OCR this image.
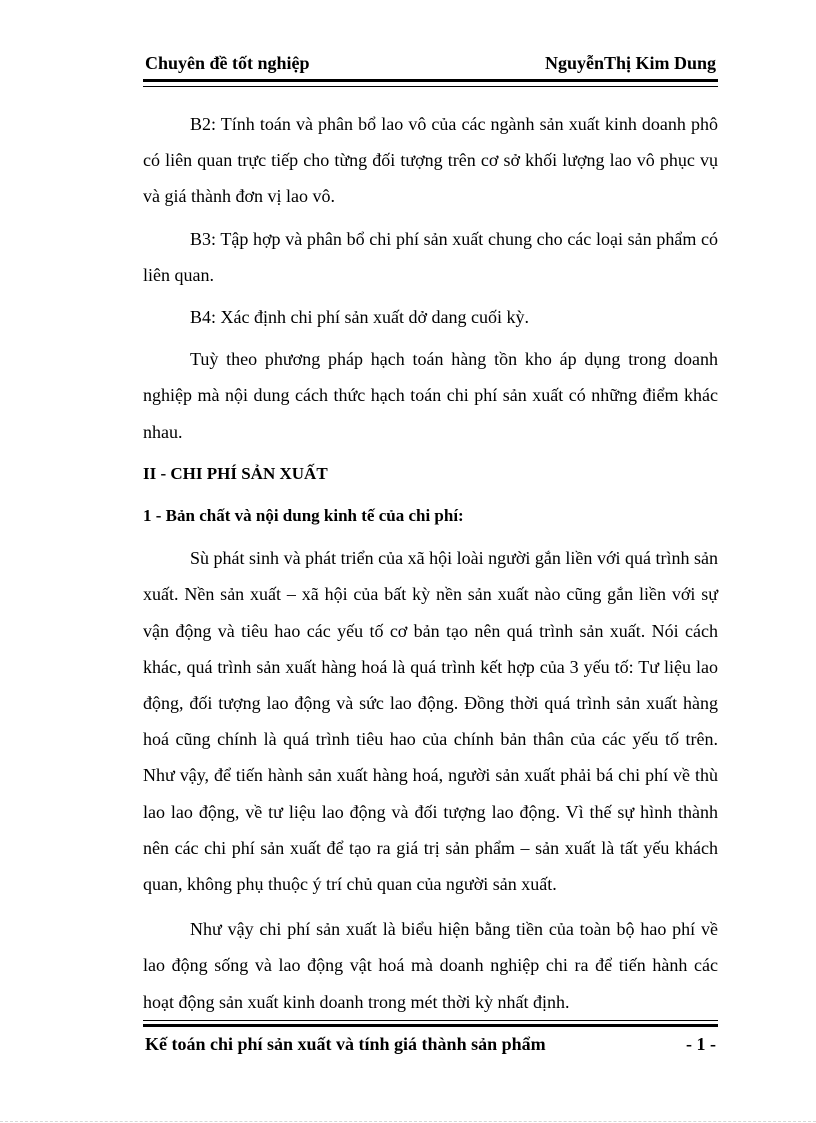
Chuyên đề tốt nghiệp	NguyễnThị Kim Dung

B2: Tính toán và phân bổ lao vô của các ngành sản xuất kinh doanh phô có liên quan trực tiếp cho từng đối tượng trên cơ sở khối lượng lao vô phục vụ và giá thành đơn vị lao vô.

B3: Tập hợp và phân bổ chi phí sản xuất chung cho các loại sản phẩm có liên quan.

B4: Xác định chi phí sản xuất dở dang cuối kỳ.

Tuỳ theo phương pháp hạch toán hàng tồn kho áp dụng trong doanh nghiệp mà nội dung cách thức hạch toán chi phí sản xuất có những điểm khác nhau.

II - CHI PHÍ SẢN XUẤT

1 - Bản chất và nội dung kinh tế của chi phí:

Sù phát sinh và phát triển của xã hội loài người gắn liền với quá trình sản xuất. Nền sản xuất – xã hội của bất kỳ nền sản xuất nào cũng gắn liền với sự vận động và tiêu hao các yếu tố cơ bản tạo nên quá trình sản xuất. Nói cách khác, quá trình sản xuất hàng hoá là quá trình kết hợp của 3 yếu tố: Tư liệu lao động, đối tượng lao động và sức lao động. Đồng thời quá trình sản xuất hàng hoá cũng chính là quá trình tiêu hao của chính bản thân của các yếu tố trên. Như vậy, để tiến hành sản xuất hàng hoá, người sản xuất phải bá chi phí về thù lao lao động, về tư liệu lao động và đối tượng lao động. Vì thế sự hình thành nên các chi phí sản xuất để tạo ra giá trị sản phẩm – sản xuất là tất yếu khách quan, không phụ thuộc ý trí chủ quan của người sản xuất.

Như vậy chi phí sản xuất là biểu hiện bằng tiền của toàn bộ hao phí về lao động sống và lao động vật hoá mà doanh nghiệp chi ra để tiến hành các hoạt động sản xuất kinh doanh trong mét thời kỳ nhất định.

Kế toán chi phí sản xuất và tính giá thành sản phẩm	- 1 -
